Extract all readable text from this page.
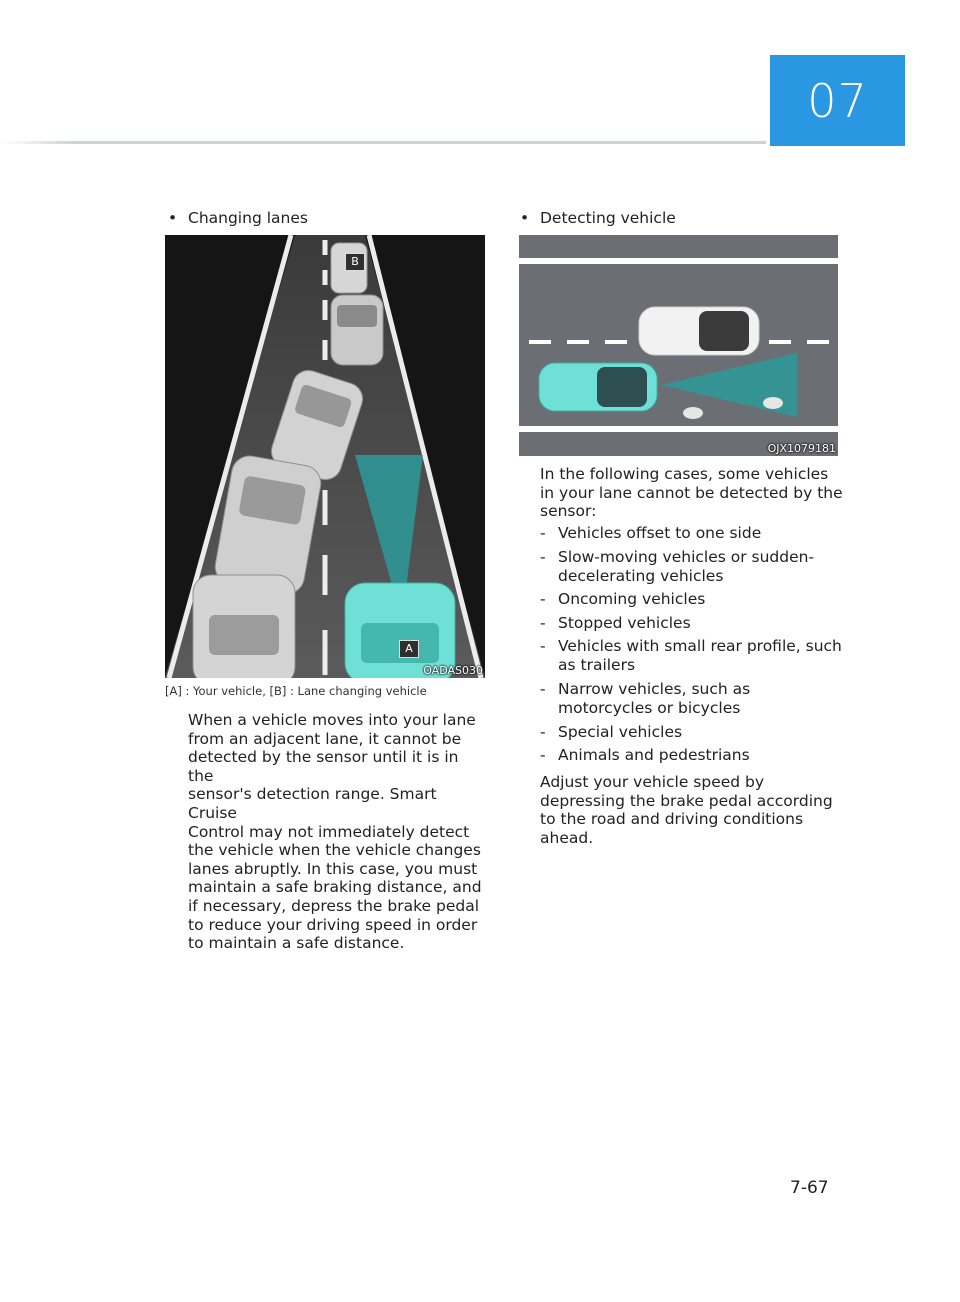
07
• Changing lanes
B
A
OADAS030
[A] : Your vehicle, [B] : Lane changing vehicle
When a vehicle moves into your lane
from an adjacent lane, it cannot be
detected by the sensor until it is in the
sensor's detection range. Smart Cruise
Control may not immediately detect
the vehicle when the vehicle changes
lanes abruptly. In this case, you must
maintain a safe braking distance, and
if necessary, depress the brake pedal
to reduce your driving speed in order
to maintain a safe distance.
• Detecting vehicle
OJX1079181
In the following cases, some vehicles
in your lane cannot be detected by the
sensor:
- Vehicles offset to one side
- Slow-moving vehicles or sudden-
decelerating vehicles
- Oncoming vehicles
- Stopped vehicles
- Vehicles with small rear profile, such
as trailers
- Narrow vehicles, such as
motorcycles or bicycles
- Special vehicles
- Animals and pedestrians
Adjust your vehicle speed by
depressing the brake pedal according
to the road and driving conditions
ahead.
7-67
